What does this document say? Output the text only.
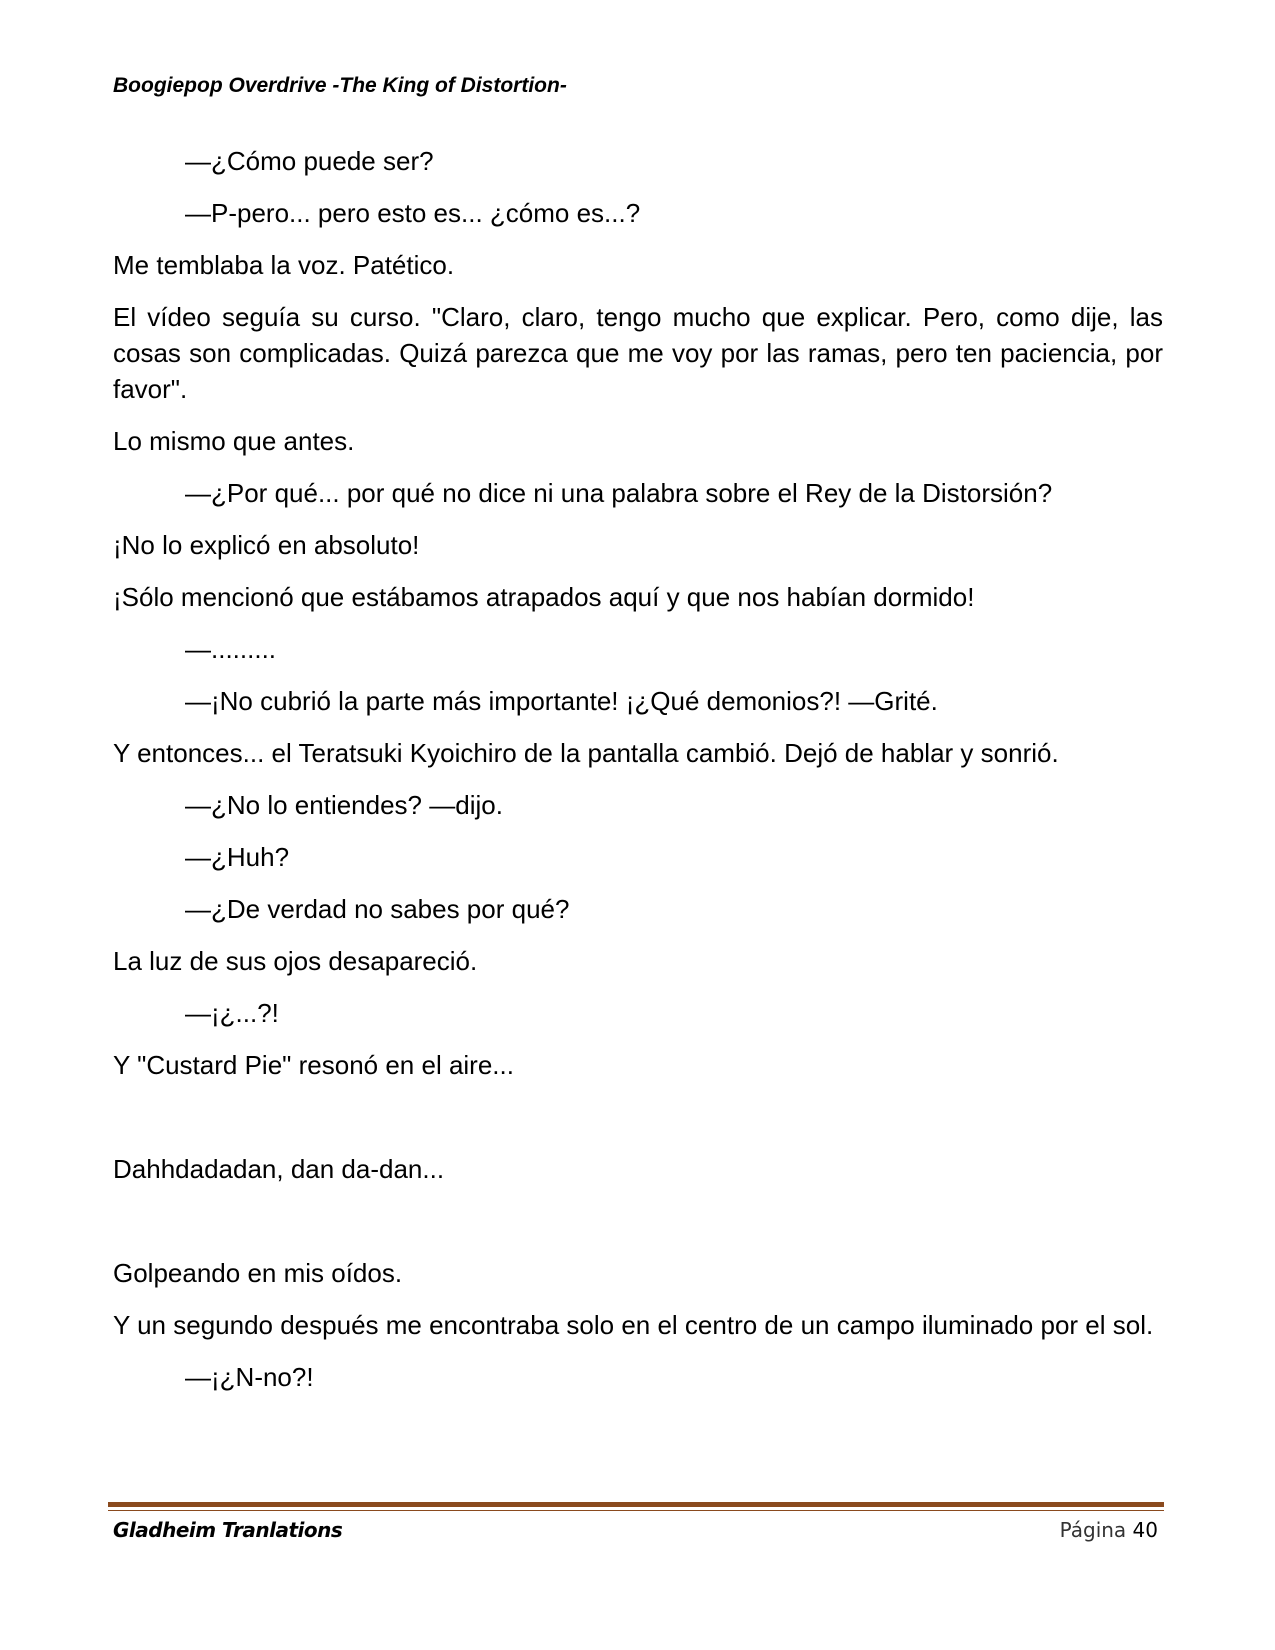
Boogiepop Overdrive -The King of Distortion-

—¿Cómo puede ser?

—P-pero... pero esto es... ¿cómo es...?

Me temblaba la voz. Patético.

El vídeo seguía su curso. "Claro, claro, tengo mucho que explicar. Pero, como dije, las cosas son complicadas. Quizá parezca que me voy por las ramas, pero ten paciencia, por favor".

Lo mismo que antes.

—¿Por qué... por qué no dice ni una palabra sobre el Rey de la Distorsión?

¡No lo explicó en absoluto!

¡Sólo mencionó que estábamos atrapados aquí y que nos habían dormido!

—.........

—¡No cubrió la parte más importante! ¡¿Qué demonios?! —Grité.

Y entonces... el Teratsuki Kyoichiro de la pantalla cambió. Dejó de hablar y sonrió.

—¿No lo entiendes? —dijo.

—¿Huh?

—¿De verdad no sabes por qué?

La luz de sus ojos desapareció.

—¡¿...?!

Y "Custard Pie" resonó en el aire...

Dahhdadadan, dan da-dan...

Golpeando en mis oídos.

Y un segundo después me encontraba solo en el centro de un campo iluminado por el sol.

—¡¿N-no?!

Gladheim Tranlations	Página 40
